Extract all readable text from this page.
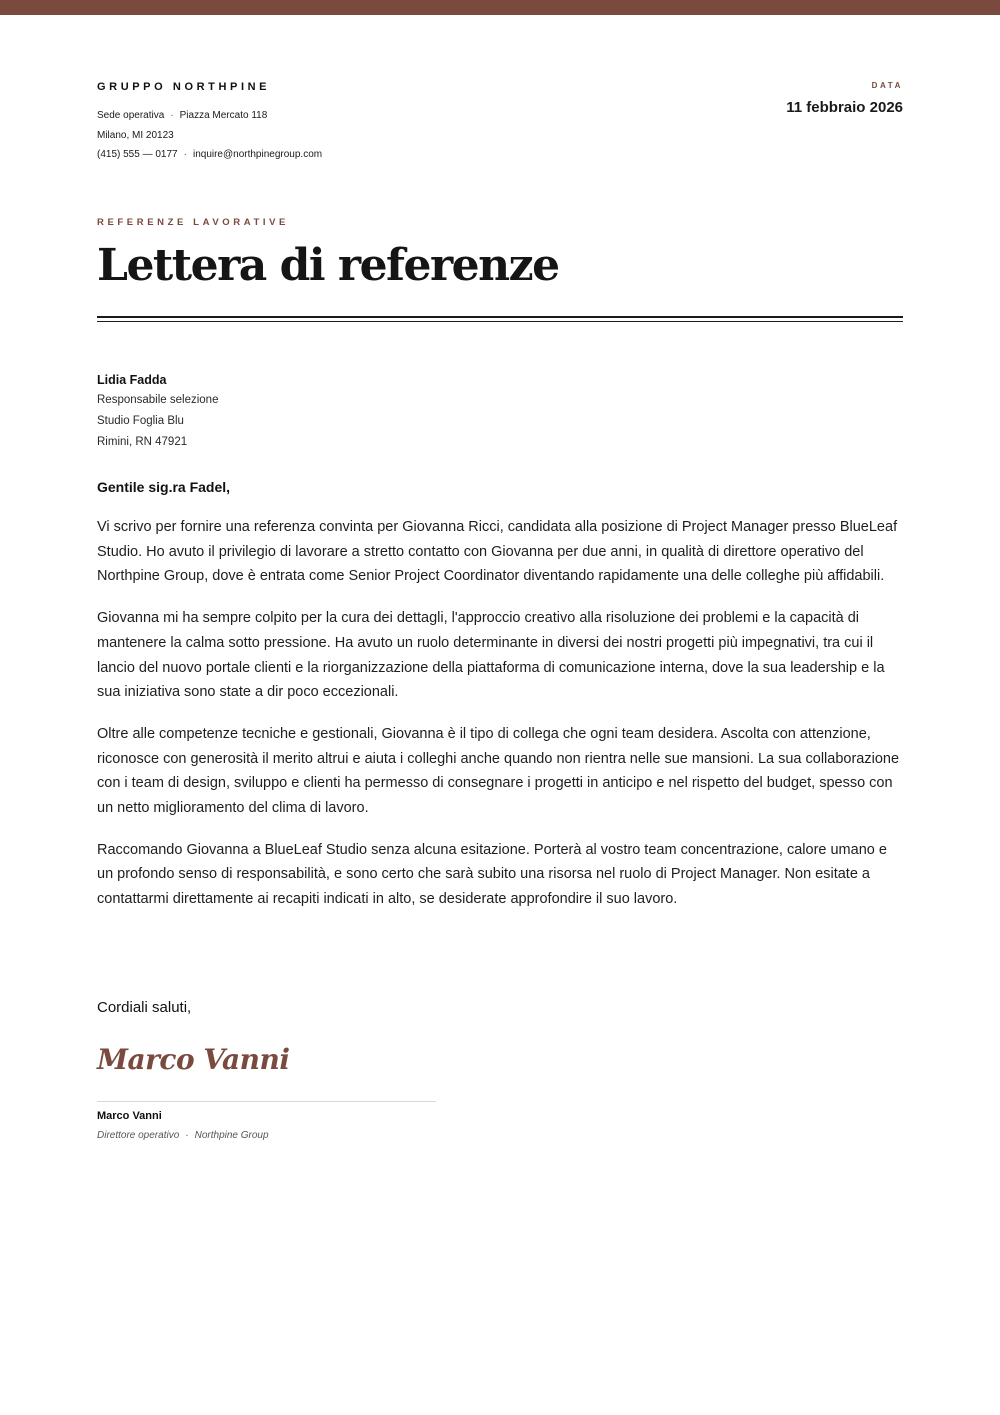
GRUPPO NORTHPINE
Sede operativa · Piazza Mercato 118
Milano, MI 20123
(415) 555 — 0177 · inquire@northpinegroup.com
DATA
11 febbraio 2026
REFERENZE LAVORATIVE
Lettera di referenze
Lidia Fadda
Responsabile selezione
Studio Foglia Blu
Rimini, RN 47921
Gentile sig.ra Fadel,

Vi scrivo per fornire una referenza convinta per Giovanna Ricci, candidata alla posizione di Project Manager presso BlueLeaf Studio. Ho avuto il privilegio di lavorare a stretto contatto con Giovanna per due anni, in qualità di direttore operativo del Northpine Group, dove è entrata come Senior Project Coordinator diventando rapidamente una delle colleghe più affidabili.

Giovanna mi ha sempre colpito per la cura dei dettagli, l'approccio creativo alla risoluzione dei problemi e la capacità di mantenere la calma sotto pressione. Ha avuto un ruolo determinante in diversi dei nostri progetti più impegnativi, tra cui il lancio del nuovo portale clienti e la riorganizzazione della piattaforma di comunicazione interna, dove la sua leadership e la sua iniziativa sono state a dir poco eccezionali.

Oltre alle competenze tecniche e gestionali, Giovanna è il tipo di collega che ogni team desidera. Ascolta con attenzione, riconosce con generosità il merito altrui e aiuta i colleghi anche quando non rientra nelle sue mansioni. La sua collaborazione con i team di design, sviluppo e clienti ha permesso di consegnare i progetti in anticipo e nel rispetto del budget, spesso con un netto miglioramento del clima di lavoro.

Raccomando Giovanna a BlueLeaf Studio senza alcuna esitazione. Porterà al vostro team concentrazione, calore umano e un profondo senso di responsabilità, e sono certo che sarà subito una risorsa nel ruolo di Project Manager. Non esitate a contattarmi direttamente ai recapiti indicati in alto, se desiderate approfondire il suo lavoro.

Cordiali saluti,
Marco Vanni
Marco Vanni
Direttore operativo · Northpine Group
